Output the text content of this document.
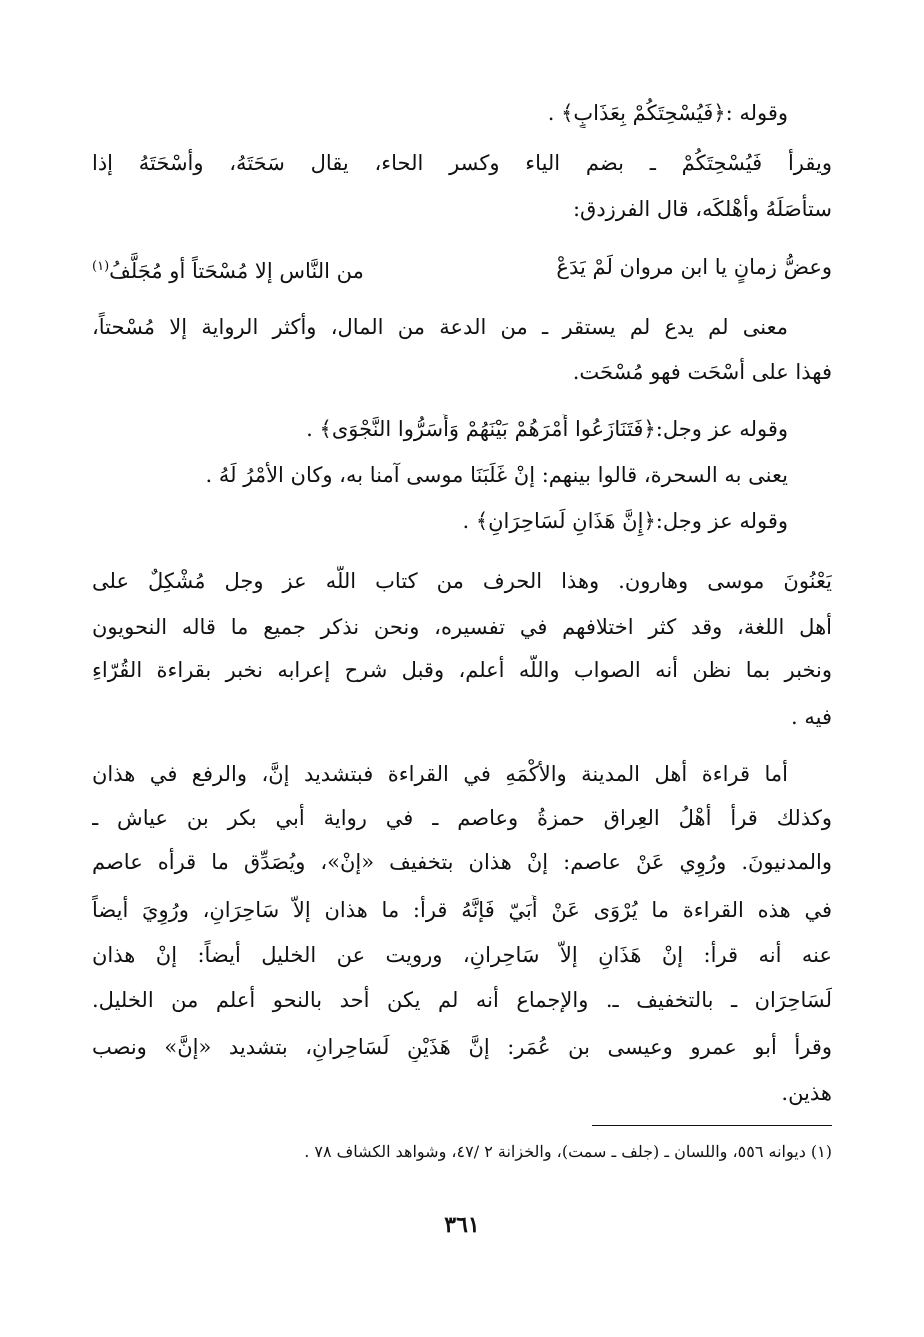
وقوله :﴿فَيُسْحِتَكُمْ بِعَذَابٍ﴾ .
ويقرأ فَيُسْحِتَكُمْ ـ بضم الياء وكسر الحاء، يقال سَحَتَهُ، وأسْحَتَهُ إذا
ستأْصَلَهُ وأهْلكَه، قال الفرزدق:
وعضُّ زمانٍ يا ابن مروان لَمْ يَدَعْ
من النَّاس إلا مُسْحَتاً أو مُجَلَّفُ(١)
معنى لم يدع لم يستقر ـ من الدعة من المال، وأكثر الرواية إلا مُسْحتاً،
فهذا على أسْحَت فهو مُسْحَت.
وقوله عز وجل:﴿فَتَنَازَعُوا أَمْرَهُمْ بَيْنَهُمْ وَأَسَرُّوا النَّجْوَى﴾ .
يعنى به السحرة، قالوا بينهم: إنْ غَلَبَنَا موسى آمنا به، وكان الأمْرُ لَهُ .
وقوله عز وجل:﴿إِنَّ هَذَانِ لَسَاحِرَانِ﴾ .
يَعْنُونَ موسى وهارون. وهذا الحرف من كتاب اللّه عز وجل مُشْكِلٌ على
أهل اللغة، وقد كثر اختلافهم في تفسيره، ونحن نذكر جميع ما قاله النحويون
ونخبر بما نظن أنه الصواب واللّه أعلم، وقبل شرح إعرابه نخبر بقراءة القُرّاءِ
فيه .
أما قراءة أهل المدينة والأكْمَهِ في القراءة فبتشديد إنَّ، والرفع في هذان
وكذلك قرأ أهْلُ العِراق حمزةُ وعاصم ـ في رواية أبي بكر بن عياش ـ
والمدنيونَ. ورُوِي عَنْ عاصم: إنْ هذان بتخفيف «إنْ»، ويُصَدِّق ما قرأه عاصم
في هذه القراءة ما يُرْوَى عَنْ أُبَيّ فَإنَّهُ قرأ: ما هذان إلاّ سَاحِرَانِ، ورُوِيَ أيضاً
عنه أنه قرأ: إنْ هَذَانِ إلاّ سَاحِرانِ، ورويت عن الخليل أيضاً: إنْ هذان
لَسَاحِرَان ـ بالتخفيف ـ. والإجماع أنه لم يكن أحد بالنحو أعلم من الخليل.
وقرأ أبو عمرو وعيسى بن عُمَر: إنَّ هَذَيْنِ لَسَاحِرانِ، بتشديد «إنَّ» ونصب
هذين.
(١) ديوانه ٥٥٦، واللسان ـ (جلف ـ سمت)، والخزانة ٢ /٤٧، وشواهد الكشاف ٧٨ .
٣٦١
